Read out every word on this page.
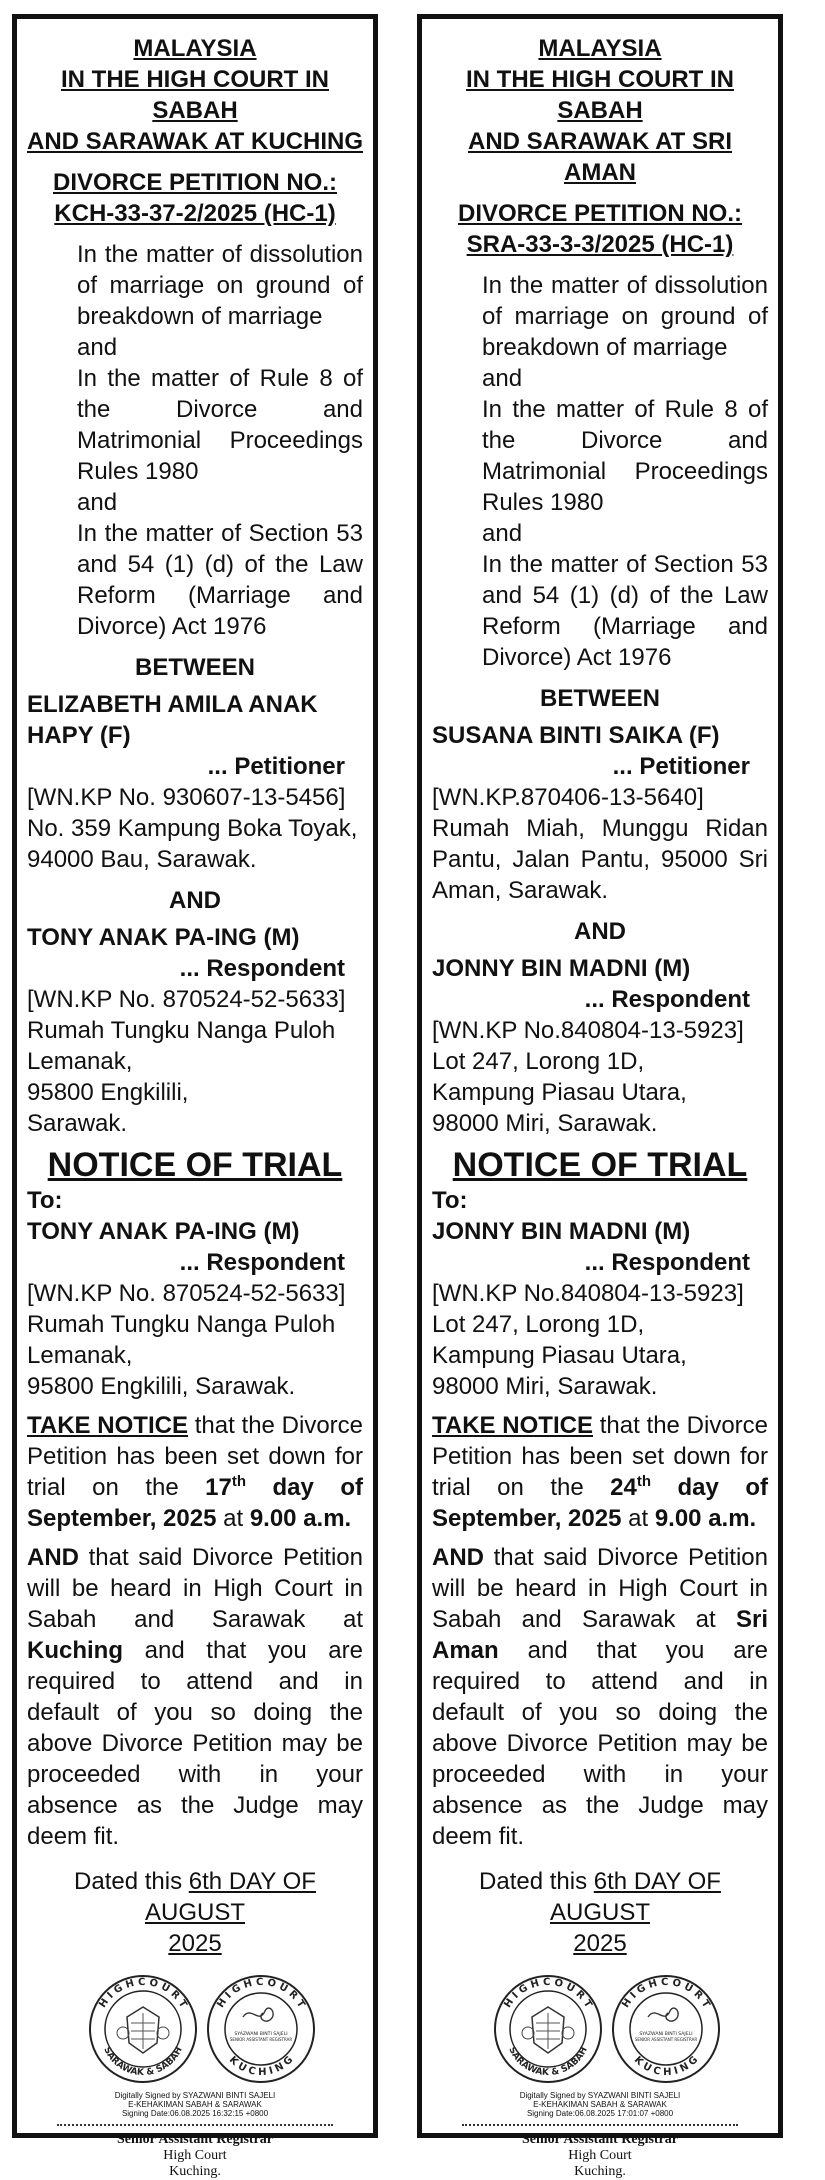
MALAYSIA
IN THE HIGH COURT IN SABAH
AND SARAWAK AT KUCHING
DIVORCE PETITION NO.:
KCH-33-37-2/2025 (HC-1)
In the matter of dissolution of marriage on ground of breakdown of marriage
and
In the matter of Rule 8 of the Divorce and Matrimonial Proceedings Rules 1980
and
In the matter of Section 53 and 54 (1) (d) of the Law Reform (Marriage and Divorce) Act 1976
BETWEEN
ELIZABETH AMILA ANAK HAPY (F)
... Petitioner
[WN.KP No. 930607-13-5456]
No. 359 Kampung Boka Toyak,
94000 Bau, Sarawak.
AND
TONY ANAK PA-ING (M)
... Respondent
[WN.KP No. 870524-52-5633]
Rumah Tungku Nanga Puloh
Lemanak,
95800 Engkilili,
Sarawak.
NOTICE OF TRIAL
To:
TONY ANAK PA-ING (M)
... Respondent
[WN.KP No. 870524-52-5633]
Rumah Tungku Nanga Puloh
Lemanak,
95800 Engkilili, Sarawak.
TAKE NOTICE that the Divorce Petition has been set down for trial on the 17th day of September, 2025 at 9.00 a.m.
AND that said Divorce Petition will be heard in High Court in Sabah and Sarawak at Kuching and that you are required to attend and in default of you so doing the above Divorce Petition may be proceeded with in your absence as the Judge may deem fit.
Dated this 6th DAY OF AUGUST
2025
H I G H C O U R T
SARAWAK & SABAH
H I G H C O U R T
K U C H I N G
SYAZWANI BINTI SAJELI
SENIOR ASSISTANT REGISTRAR
Digitally Signed by SYAZWANI BINTI SAJELI
E-KEHAKIMAN SABAH & SARAWAK
Signing Date:06.08.2025 16:32:15 +0800
Senior Assistant Registrar
High Court
Kuching.
MALAYSIA
IN THE HIGH COURT IN SABAH
AND SARAWAK AT SRI AMAN
DIVORCE PETITION NO.:
SRA-33-3-3/2025 (HC-1)
In the matter of dissolution of marriage on ground of breakdown of marriage
and
In the matter of Rule 8 of the Divorce and Matrimonial Proceedings Rules 1980
and
In the matter of Section 53 and 54 (1) (d) of the Law Reform (Marriage and Divorce) Act 1976
BETWEEN
SUSANA BINTI SAIKA (F)
... Petitioner
[WN.KP.870406-13-5640]
Rumah Miah, Munggu Ridan Pantu, Jalan Pantu, 95000 Sri Aman, Sarawak.
AND
JONNY BIN MADNI (M)
... Respondent
[WN.KP No.840804-13-5923]
Lot 247, Lorong 1D,
Kampung Piasau Utara,
98000 Miri, Sarawak.
NOTICE OF TRIAL
To:
JONNY BIN MADNI (M)
... Respondent
[WN.KP No.840804-13-5923]
Lot 247, Lorong 1D,
Kampung Piasau Utara,
98000 Miri, Sarawak.
TAKE NOTICE that the Divorce Petition has been set down for trial on the 24th day of September, 2025 at 9.00 a.m.
AND that said Divorce Petition will be heard in High Court in Sabah and Sarawak at Sri Aman and that you are required to attend and in default of you so doing the above Divorce Petition may be proceeded with in your absence as the Judge may deem fit.
Dated this 6th DAY OF AUGUST
2025
H I G H C O U R T
SARAWAK & SABAH
H I G H C O U R T
K U C H I N G
SYAZWANI BINTI SAJELI
SENIOR ASSISTANT REGISTRAR
Digitally Signed by SYAZWANI BINTI SAJELI
E-KEHAKIMAN SABAH & SARAWAK
Signing Date:06.08.2025 17:01:07 +0800
Senior Assistant Registrar
High Court
Kuching.
